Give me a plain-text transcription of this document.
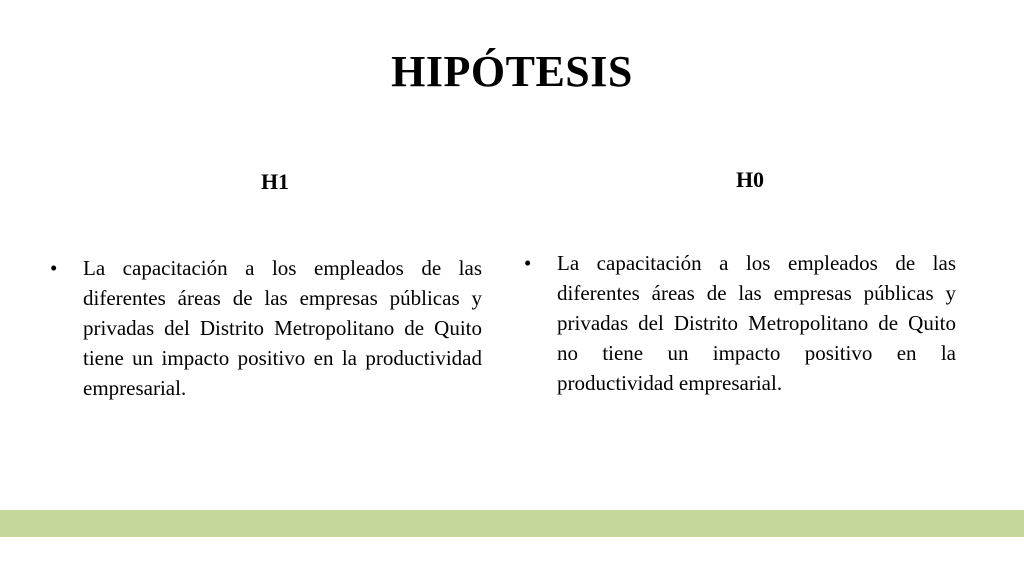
HIPÓTESIS
H1	H0
• La capacitación a los empleados de las diferentes áreas de las empresas públicas y privadas del Distrito Metropolitano de Quito tiene un impacto positivo en la productividad empresarial.
• La capacitación a los empleados de las diferentes áreas de las empresas públicas y privadas del Distrito Metropolitano de Quito no tiene un impacto positivo en la productividad empresarial.
